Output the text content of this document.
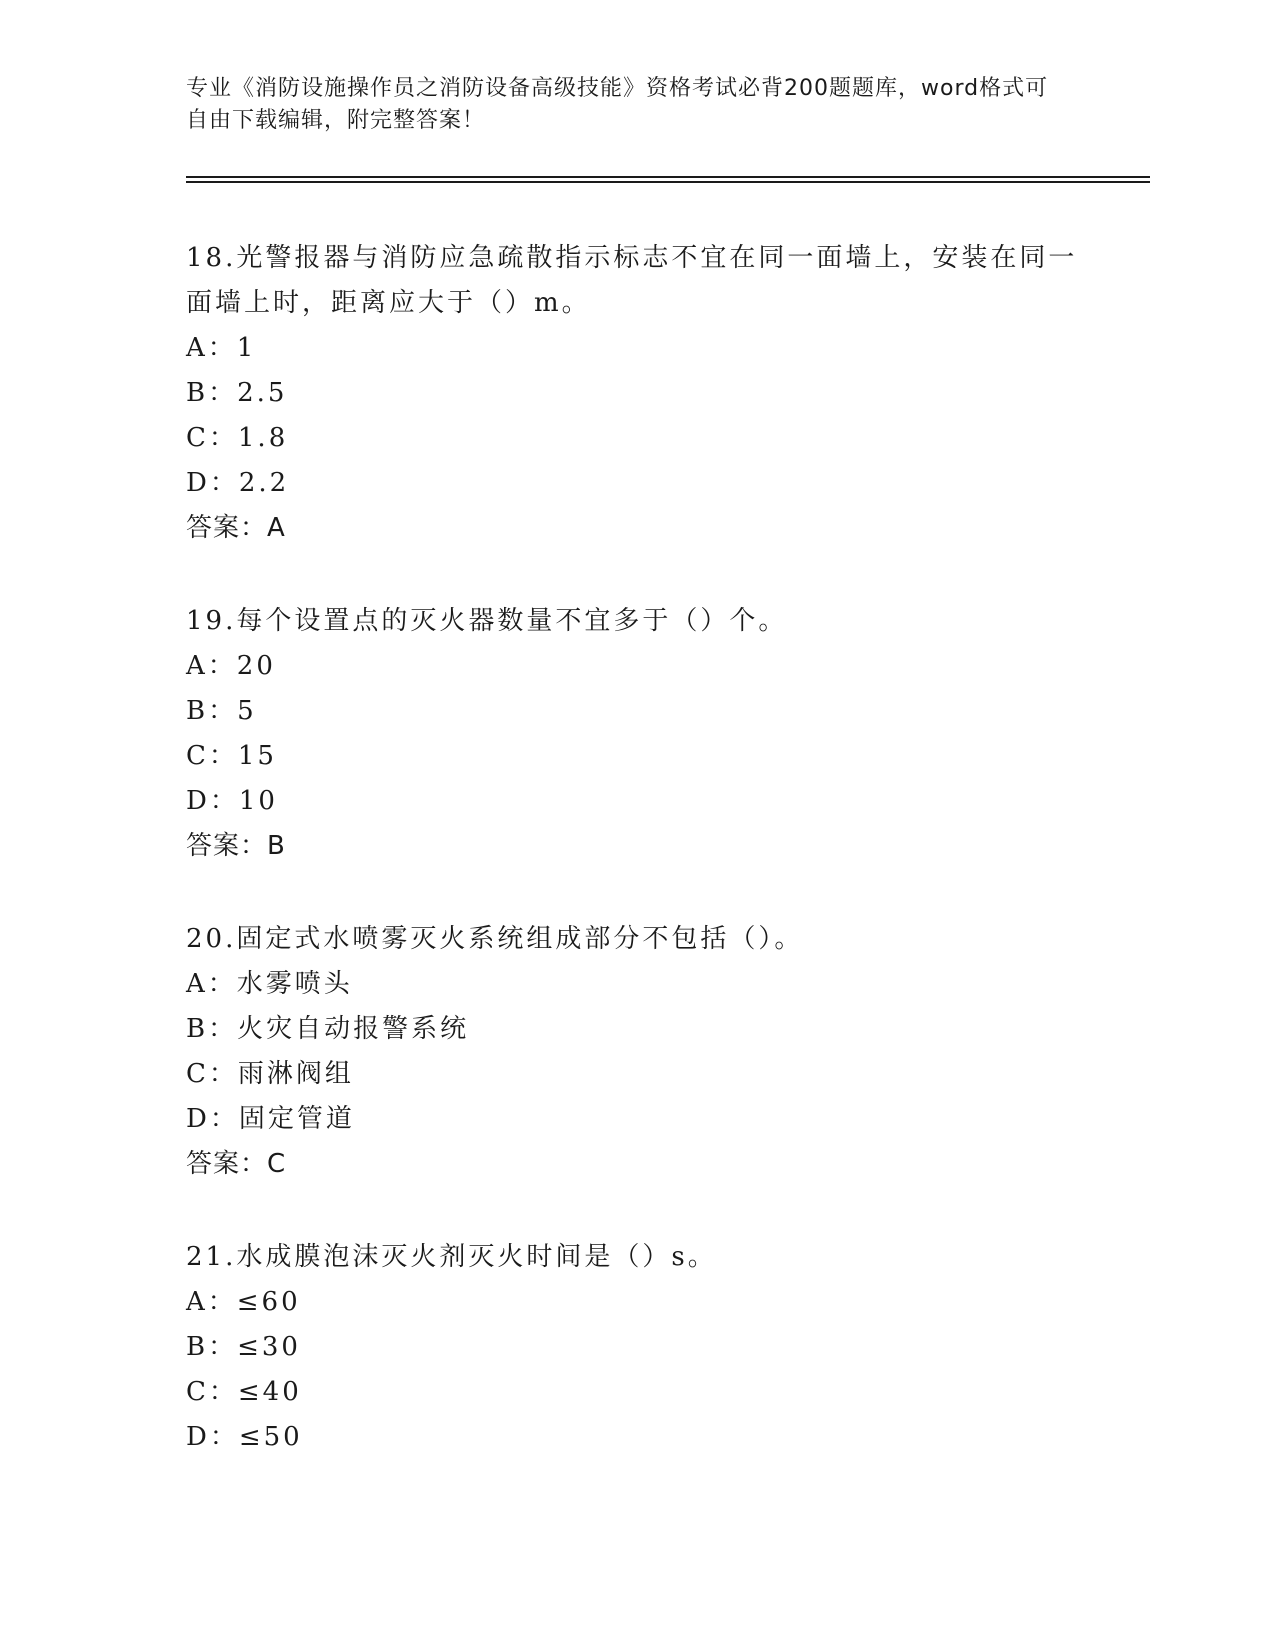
专业《消防设施操作员之消防设备高级技能》资格考试必背200题题库，word格式可自由下载编辑，附完整答案！

18.光警报器与消防应急疏散指示标志不宜在同一面墙上，安装在同一面墙上时，距离应大于（）m。

A：1

B：2.5

C：1.8

D：2.2

答案：A

19.每个设置点的灭火器数量不宜多于（）个。

A：20

B：5

C：15

D：10

答案：B

20.固定式水喷雾灭火系统组成部分不包括（）。

A：水雾喷头

B：火灾自动报警系统

C：雨淋阀组

D：固定管道

答案：C

21.水成膜泡沫灭火剂灭火时间是（）s。

A：≤60

B：≤30

C：≤40

D：≤50
